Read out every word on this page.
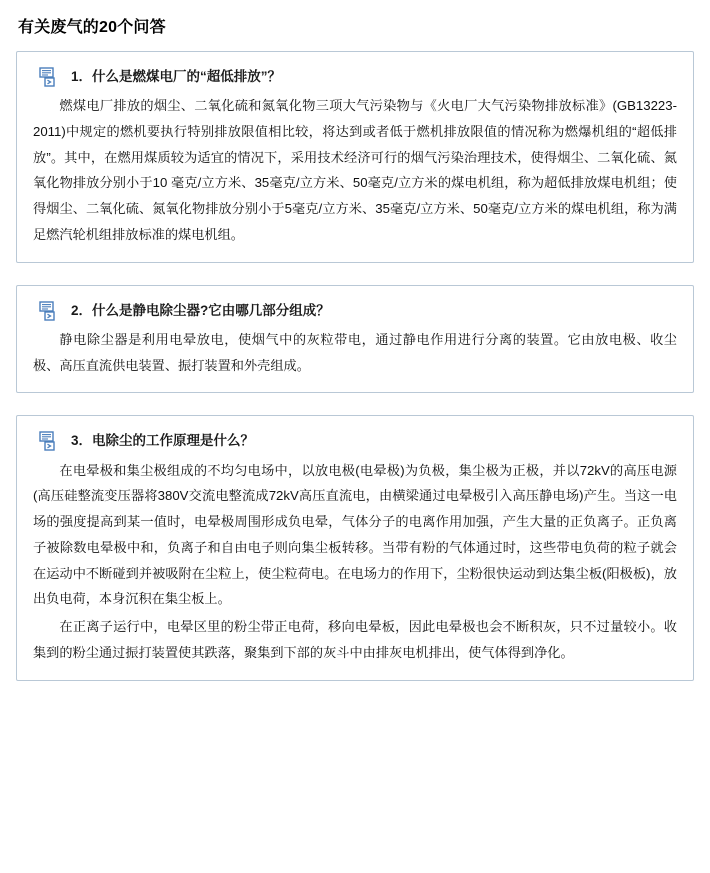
有关废气的20个问答
1．什么是燃煤电厂的“超低排放”？

燃煤电厂排放的烟尘、二氧化硫和氮氧化物三项大气污染物与《火电厂大气污染物排放标准》(GB13223-2011)中规定的燃机要执行特别排放限值相比较，将达到或者低于燃机排放限值的情况称为燃爆机组的“超低排放”。其中，在燃用煤质较为适宜的情况下，采用技术经济可行的烟气污染治理技术，使得烟尘、二氧化硫、氮氧化物排放分别小于10 毫克/立方米、35毫克/立方米、50毫克/立方米的煤电机组，称为超低排放煤电机组；使得烟尘、二氧化硫、氮氧化物排放分别小于5毫克/立方米、35毫克/立方米、50毫克/立方米的煤电机组，称为满足燃汽轮机组排放标准的煤电机组。

2．什么是静电除尘器?它由哪几部分组成？

静电除尘器是利用电晕放电，使烟气中的灰粒带电，通过静电作用进行分离的装置。它由放电极、收尘极、高压直流供电装置、振打装置和外壳组成。

3．电除尘的工作原理是什么？

在电晕极和集尘极组成的不均匀电场中，以放电极(电晕极)为负极，集尘极为正极，并以72kV的高压电源(高压硅整流变压器将380V交流电整流成72kV高压直流电，由横梁通过电晕极引入高压静电场)产生。当这一电场的强度提高到某一值时，电晕极周围形成负电晕，气体分子的电离作用加强，产生大量的正负离子。正负离子被除数电晕极中和，负离子和自由电子则向集尘板转移。当带有粉的气体通过时，这些带电负荷的粒子就会在运动中不断碰到并被吸附在尘粒上，使尘粒荷电。在电场力的作用下，尘粉很快运动到达集尘板(阳极板)，放出负电荷，本身沉积在集尘板上。

在正离子运行中，电晕区里的粉尘带正电荷，移向电晕板，因此电晕极也会不断积灰，只不过量较小。收集到的粉尘通过振打装置使其跌落，聚集到下部的灰斗中由排灰电机排出，使气体得到净化。
